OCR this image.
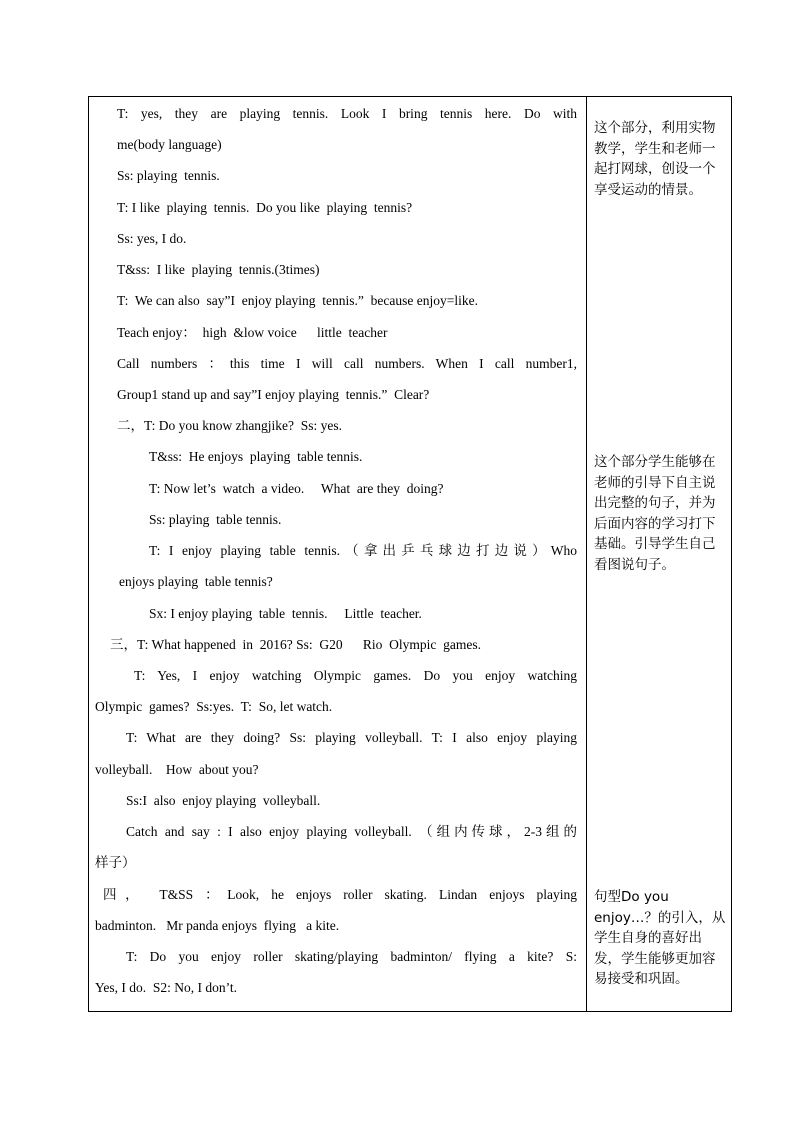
T: yes, they are playing tennis. Look I bring tennis here. Do with
me(body language)
Ss: playing  tennis.
T: I like  playing  tennis.  Do you like  playing  tennis?
Ss: yes, I do.
T&ss:  I like  playing  tennis.(3times)
T:  We can also  say”I  enjoy playing  tennis.”  because enjoy=like.
Teach enjoy：  high  &low voice      little  teacher
Call numbers ：this time I will call numbers. When I call number1,
Group1 stand up and say”I enjoy playing  tennis.”  Clear?
二，T: Do you know zhangjike?  Ss: yes.
T&ss:  He enjoys  playing  table tennis.
T: Now let’s  watch  a video.     What  are they  doing?
Ss: playing  table tennis.
T: I enjoy playing table tennis.（拿出乒乓球边打边说）Who
enjoys playing  table tennis?
Sx: I enjoy playing  table  tennis.     Little  teacher.
三，T: What happened  in  2016? Ss:  G20      Rio  Olympic  games.
T: Yes, I enjoy watching Olympic games. Do you enjoy watching
Olympic  games?  Ss:yes.  T:  So, let watch.
T: What are they doing? Ss: playing volleyball. T: I also enjoy playing
volleyball.    How  about you?
Ss:I  also  enjoy playing  volleyball.
Catch and say : I also enjoy playing volleyball. （组内传球，2-3组的
样子）
四， T&SS ：Look, he enjoys roller skating. Lindan enjoys playing
badminton.   Mr panda enjoys  flying   a kite.
T: Do you enjoy roller skating/playing badminton/ flying a kite? S:
Yes, I do.  S2: No, I don’t.
这个部分，利用实物教学，学生和老师一起打网球，创设一个享受运动的情景。
这个部分学生能够在老师的引导下自主说出完整的句子，并为后面内容的学习打下基础。引导学生自己看图说句子。
句型Do you enjoy…？的引入，从学生自身的喜好出发，学生能够更加容易接受和巩固。
